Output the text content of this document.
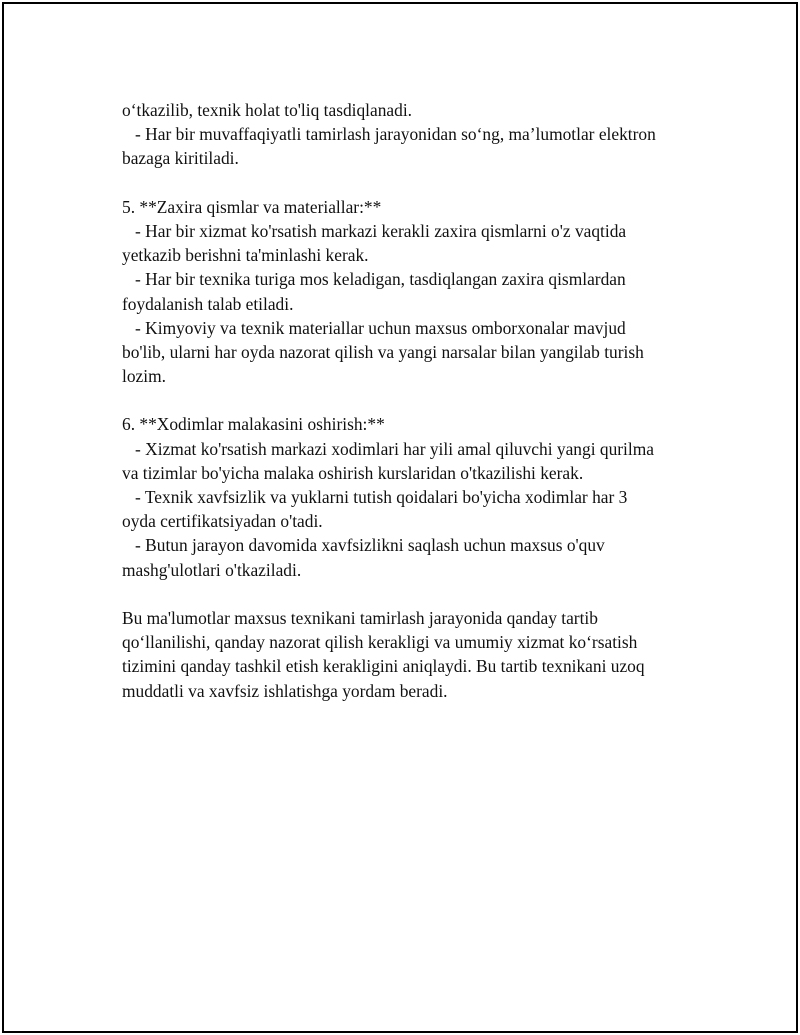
o‘tkazilib, texnik holat to'liq tasdiqlanadi.
- Har bir muvaffaqiyatli tamirlash jarayonidan so‘ng, ma’lumotlar elektron
bazaga kiritiladi.
5. **Zaxira qismlar va materiallar:**
- Har bir xizmat ko'rsatish markazi kerakli zaxira qismlarni o'z vaqtida
yetkazib berishni ta'minlashi kerak.
- Har bir texnika turiga mos keladigan, tasdiqlangan zaxira qismlardan
foydalanish talab etiladi.
- Kimyoviy va texnik materiallar uchun maxsus omborxonalar mavjud
bo'lib, ularni har oyda nazorat qilish va yangi narsalar bilan yangilab turish
lozim.
6. **Xodimlar malakasini oshirish:**
- Xizmat ko'rsatish markazi xodimlari har yili amal qiluvchi yangi qurilma
va tizimlar bo'yicha malaka oshirish kurslaridan o'tkazilishi kerak.
- Texnik xavfsizlik va yuklarni tutish qoidalari bo'yicha xodimlar har 3
oyda certifikatsiyadan o'tadi.
- Butun jarayon davomida xavfsizlikni saqlash uchun maxsus o'quv
mashg'ulotlari o'tkaziladi.
Bu ma'lumotlar maxsus texnikani tamirlash jarayonida qanday tartib
qo‘llanilishi, qanday nazorat qilish kerakligi va umumiy xizmat ko‘rsatish
tizimini qanday tashkil etish kerakligini aniqlaydi. Bu tartib texnikani uzoq
muddatli va xavfsiz ishlatishga yordam beradi.
